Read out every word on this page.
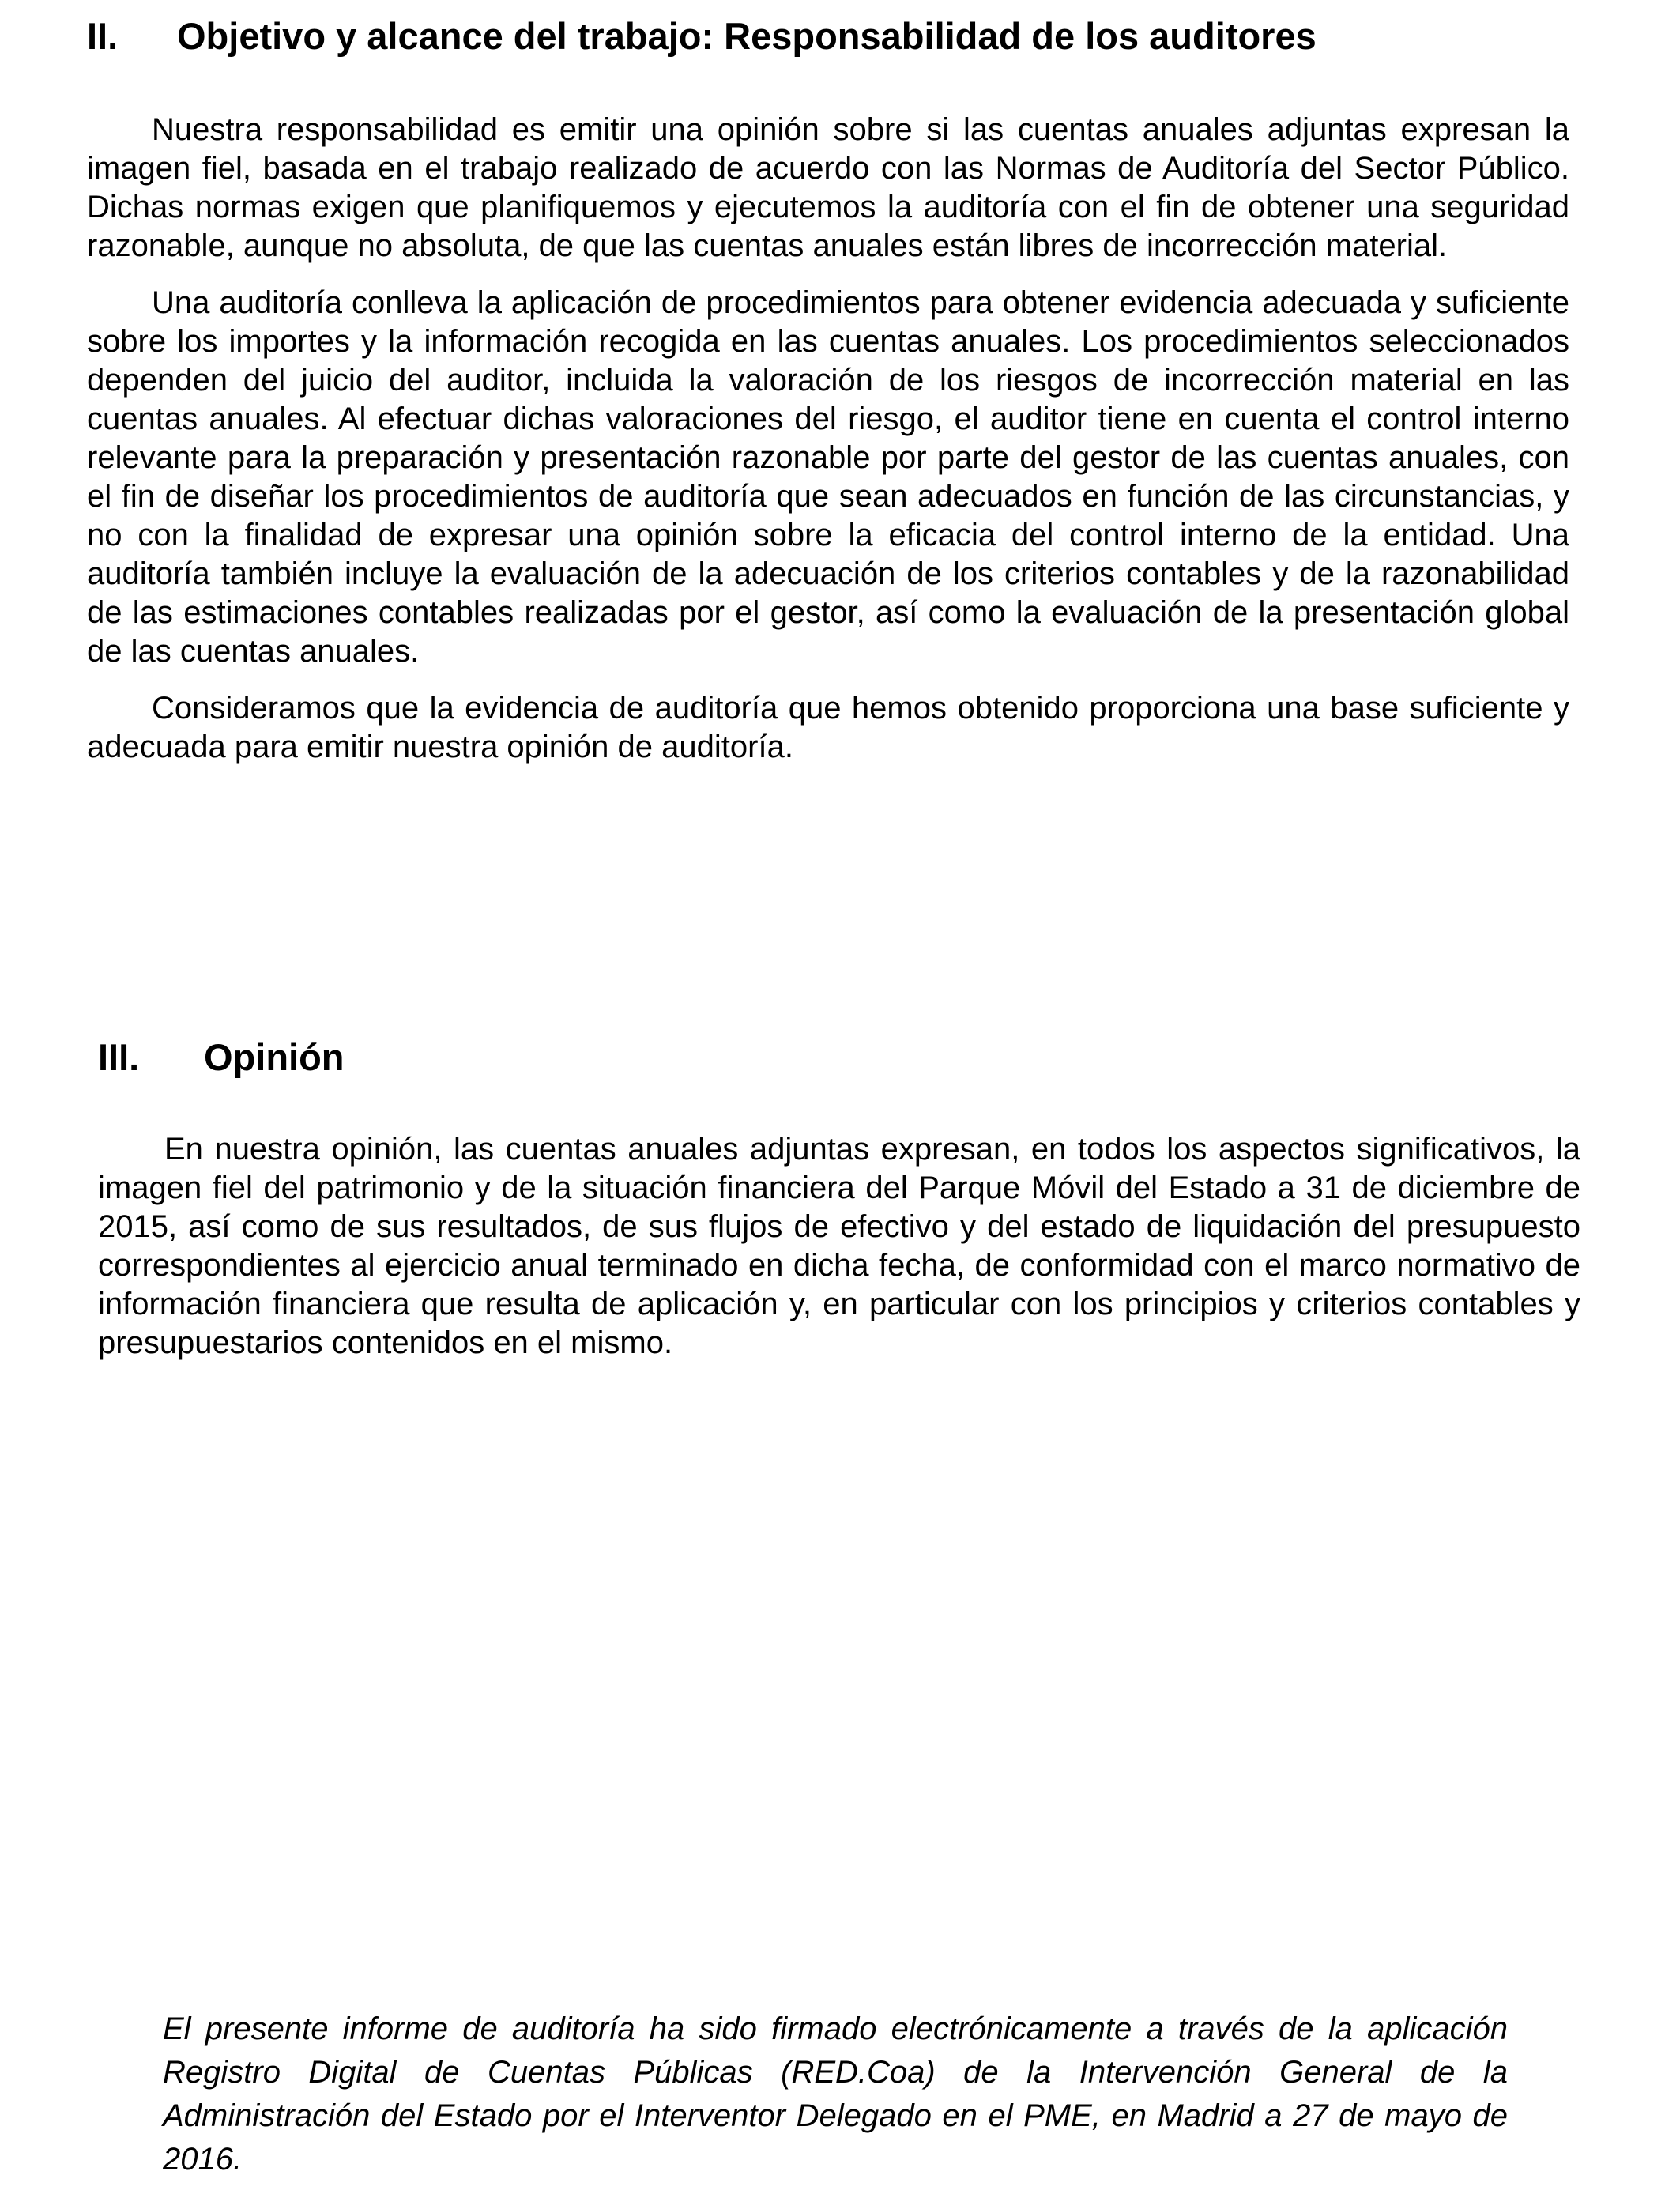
II.	Objetivo y alcance del trabajo: Responsabilidad de los auditores

Nuestra responsabilidad es emitir una opinión sobre si las cuentas anuales adjuntas expresan la imagen fiel, basada en el trabajo realizado de acuerdo con las Normas de Auditoría del Sector Público. Dichas normas exigen que planifiquemos y ejecutemos la auditoría con el fin de obtener una seguridad razonable, aunque no absoluta, de que las cuentas anuales están libres de incorrección material.

Una auditoría conlleva la aplicación de procedimientos para obtener evidencia adecuada y suficiente sobre los importes y la información recogida en las cuentas anuales. Los procedimientos seleccionados dependen del juicio del auditor, incluida la valoración de los riesgos de incorrección material en las cuentas anuales. Al efectuar dichas valoraciones del riesgo, el auditor tiene en cuenta el control interno relevante para la preparación y presentación razonable por parte del gestor de las cuentas anuales, con el fin de diseñar los procedimientos de auditoría que sean adecuados en función de las circunstancias, y no con la finalidad de expresar una opinión sobre la eficacia del control interno de la entidad. Una auditoría también incluye la evaluación de la adecuación de los criterios contables y de la razonabilidad de las estimaciones contables realizadas por el gestor, así como la evaluación de la presentación global de las cuentas anuales.

Consideramos que la evidencia de auditoría que hemos obtenido proporciona una base suficiente y adecuada para emitir nuestra opinión de auditoría.

III.	Opinión

En nuestra opinión, las cuentas anuales adjuntas expresan, en todos los aspectos significativos, la imagen fiel del patrimonio y de la situación financiera del Parque Móvil del Estado a 31 de diciembre de 2015, así como de sus resultados, de sus flujos de efectivo y del estado de liquidación del presupuesto correspondientes al ejercicio anual terminado en dicha fecha, de conformidad con el marco normativo de información financiera que resulta de aplicación y, en particular con los principios y criterios contables y presupuestarios contenidos en el mismo.

El presente informe de auditoría ha sido firmado electrónicamente a través de la aplicación Registro Digital de Cuentas Públicas (RED.Coa) de la Intervención General de la Administración del Estado por el Interventor Delegado en el PME, en Madrid a 27 de mayo de 2016.
